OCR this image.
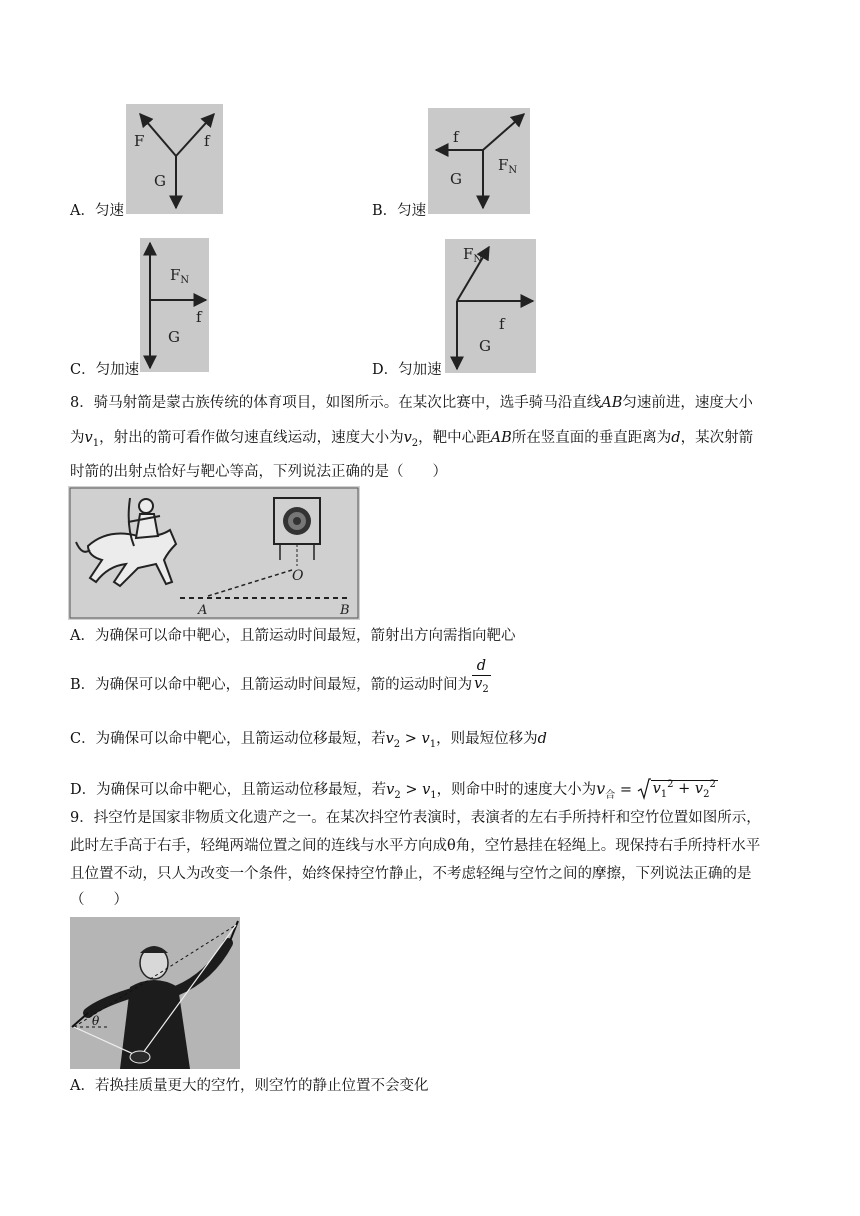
A．匀速
F	f
G
B．匀速
f
G
$F_N$
C．匀加速
$F_N$
f
G
D．匀加速
$F_N$
f
G
8．骑马射箭是蒙古族传统的体育项目，如图所示。在某次比赛中，选手骑马沿直线AB匀速前进，速度大小
为$v_1$，射出的箭可看作做匀速直线运动，速度大小为$v_2$，靶中心距AB所在竖直面的垂直距离为d，某次射箭
时箭的出射点恰好与靶心等高，下列说法正确的是（　　）
O
A	B
A．为确保可以命中靶心，且箭运动时间最短，箭射出方向需指向靶心
B．为确保可以命中靶心，且箭运动时间最短，箭的运动时间为 $\frac{d}{v_2}$
C．为确保可以命中靶心，且箭运动位移最短，若$v_2 > v_1$，则最短位移为d
D．为确保可以命中靶心，且箭运动位移最短，若$v_2 > v_1$，则命中时的速度大小为$v_合 = v_1^2 + v_2^2$
9．抖空竹是国家非物质文化遗产之一。在某次抖空竹表演时，表演者的左右手所持杆和空竹位置如图所示，
此时左手高于右手，轻绳两端位置之间的连线与水平方向成θ角，空竹悬挂在轻绳上。现保持右手所持杆水平
且位置不动，只人为改变一个条件，始终保持空竹静止，不考虑轻绳与空竹之间的摩擦，下列说法正确的是
（　　）
θ
A．若换挂质量更大的空竹，则空竹的静止位置不会变化
